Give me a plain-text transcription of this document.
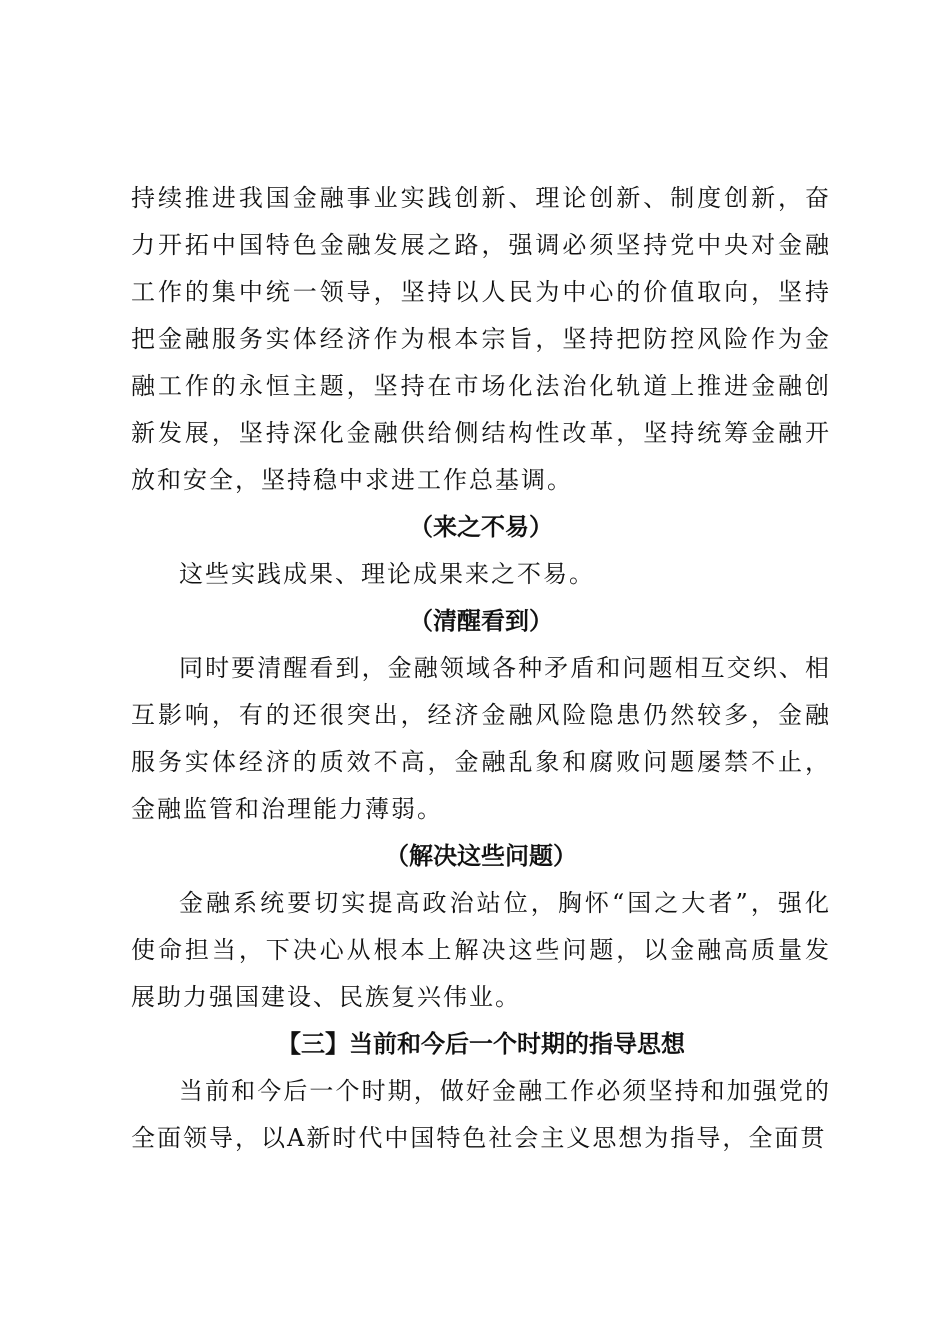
持续推进我国金融事业实践创新、理论创新、制度创新，奋力开拓中国特色金融发展之路，强调必须坚持党中央对金融工作的集中统一领导，坚持以人民为中心的价值取向，坚持把金融服务实体经济作为根本宗旨，坚持把防控风险作为金融工作的永恒主题，坚持在市场化法治化轨道上推进金融创新发展，坚持深化金融供给侧结构性改革，坚持统筹金融开放和安全，坚持稳中求进工作总基调。

（来之不易）

这些实践成果、理论成果来之不易。

（清醒看到）

同时要清醒看到，金融领域各种矛盾和问题相互交织、相互影响，有的还很突出，经济金融风险隐患仍然较多，金融服务实体经济的质效不高，金融乱象和腐败问题屡禁不止，金融监管和治理能力薄弱。

（解决这些问题）

金融系统要切实提高政治站位，胸怀“国之大者”，强化使命担当，下决心从根本上解决这些问题，以金融高质量发展助力强国建设、民族复兴伟业。

【三】当前和今后一个时期的指导思想

当前和今后一个时期，做好金融工作必须坚持和加强党的全面领导，以A新时代中国特色社会主义思想为指导，全面贯
